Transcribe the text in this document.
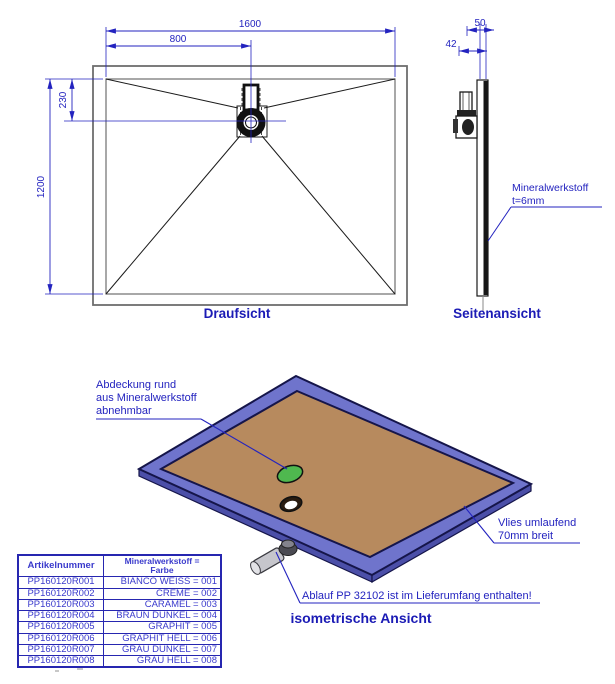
1600
800
230
1200
Draufsicht
50
42
Mineralwerkstoff
t=6mm
Seitenansicht
Abdeckung rund
aus Mineralwerkstoff
abnehmbar
Vlies umlaufend
70mm breit
Ablauf PP 32102 ist im Lieferumfang enthalten!
isometrische Ansicht
Artikelnummer	Mineralwerkstoff =
Farbe
PP160120R001	BIANCO WEISS = 001
PP160120R002	CREME = 002
PP160120R003	CARAMEL = 003
PP160120R004	BRAUN DUNKEL = 004
PP160120R005	GRAPHIT = 005
PP160120R006	GRAPHIT HELL = 006
PP160120R007	GRAU DUNKEL = 007
PP160120R008	GRAU HELL = 008
